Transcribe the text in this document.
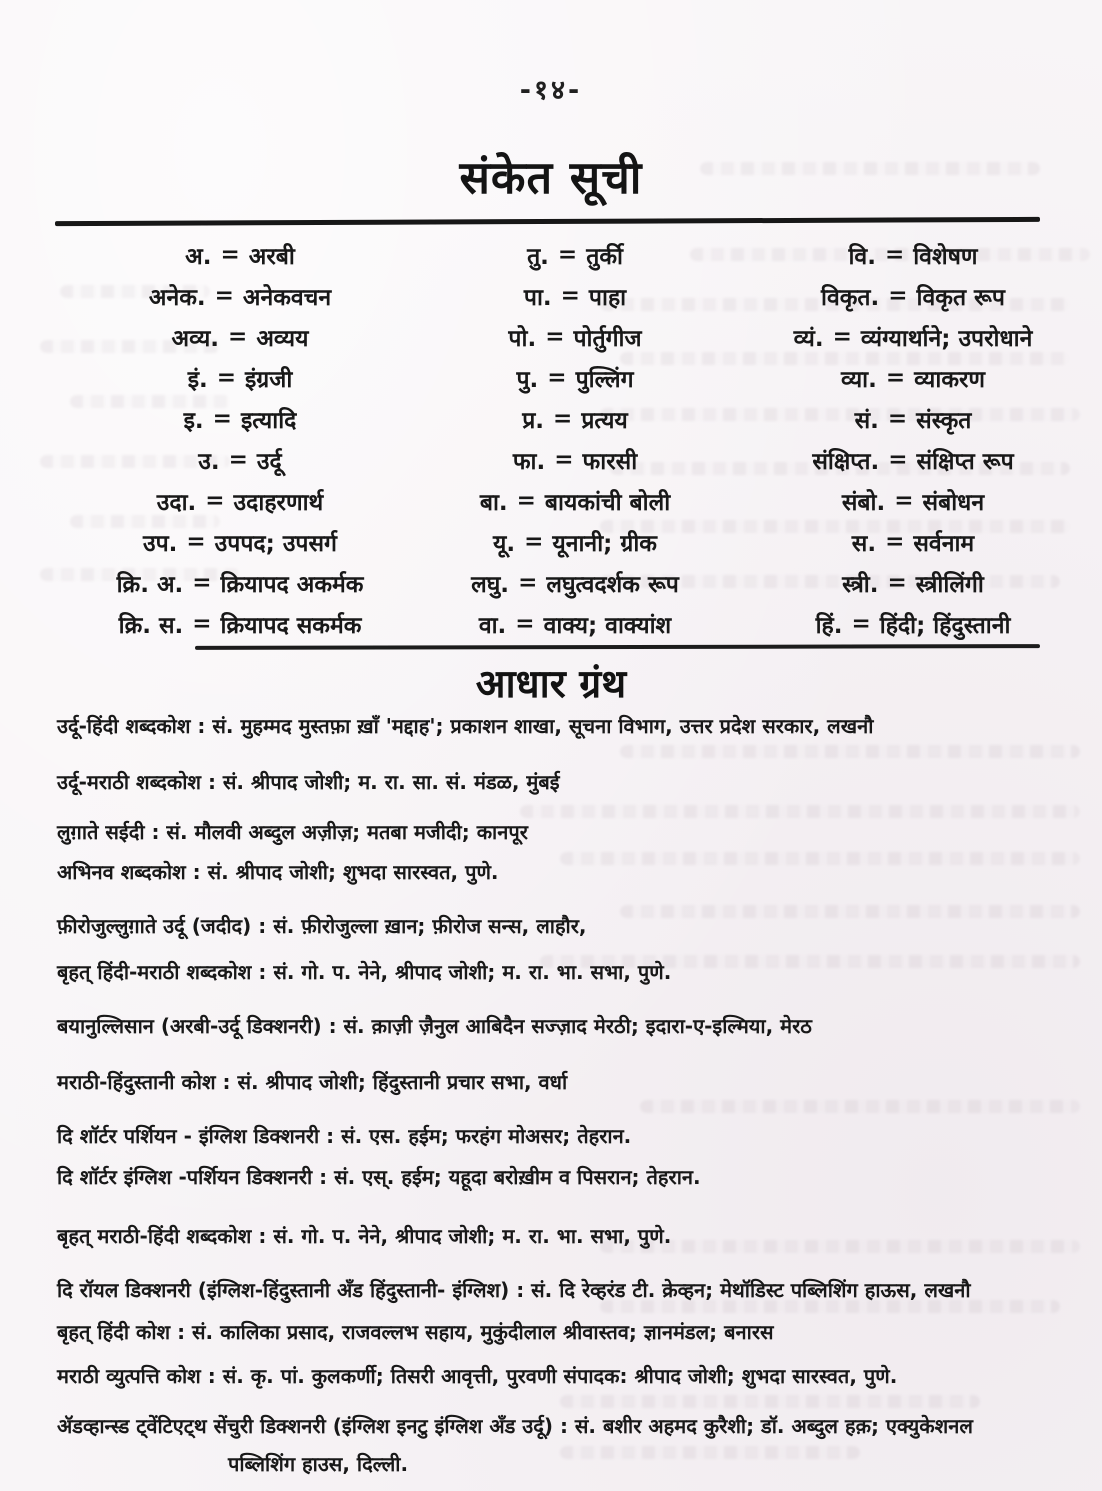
-१४-
संकेत सूची
अ. = अरबी
अनेक. = अनेकवचन
अव्य. = अव्यय
इं. = इंग्रजी
इ. = इत्यादि
उ. = उर्दू
उदा. = उदाहरणार्थ
उप. = उपपद; उपसर्ग
क्रि. अ. = क्रियापद अकर्मक
क्रि. स. = क्रियापद सकर्मक
तु. = तुर्की
पा. = पाहा
पो. = पोर्तुगीज
पु. = पुल्लिंग
प्र. = प्रत्यय
फा. = फारसी
बा. = बायकांची बोली
यू. = यूनानी; ग्रीक
लघु. = लघुत्वदर्शक रूप
वा. = वाक्य; वाक्यांश
वि. = विशेषण
विकृत. = विकृत रूप
व्यं. = व्यंग्यार्थाने; उपरोधाने
व्या. = व्याकरण
सं. = संस्कृत
संक्षिप्त. = संक्षिप्त रूप
संबो. = संबोधन
स. = सर्वनाम
स्त्री. = स्त्रीलिंगी
हिं. = हिंदी; हिंदुस्तानी
आधार ग्रंथ
उर्दू-हिंदी शब्दकोश : सं. मुहम्मद मुस्तफ़ा ख़ाँ 'मद्दाह'; प्रकाशन शाखा, सूचना विभाग, उत्तर प्रदेश सरकार, लखनौ
उर्दू-मराठी शब्दकोश : सं. श्रीपाद जोशी; म. रा. सा. सं. मंडळ, मुंबई
लुग़ाते सईदी : सं. मौलवी अब्दुल अज़ीज़; मतबा मजीदी; कानपूर
अभिनव शब्दकोश : सं. श्रीपाद जोशी; शुभदा सारस्वत, पुणे.
फ़ीरोजुल्लुग़ाते उर्दू (जदीद) : सं. फ़ीरोजुल्ला ख़ान; फ़ीरोज सन्स, लाहौर,
बृहत् हिंदी-मराठी शब्दकोश : सं. गो. प. नेने, श्रीपाद जोशी; म. रा. भा. सभा, पुणे.
बयानुल्लिसान (अरबी-उर्दू डिक्शनरी) : सं. क़ाज़ी ज़ैनुल आबिदैन सज्ज़ाद मेरठी; इदारा-ए-इल्मिया, मेरठ
मराठी-हिंदुस्तानी कोश : सं. श्रीपाद जोशी; हिंदुस्तानी प्रचार सभा, वर्धा
दि शॉर्टर पर्शियन - इंग्लिश डिक्शनरी : सं. एस. हईम; फरहंग मोअसर; तेहरान.
दि शॉर्टर इंग्लिश -पर्शियन डिक्शनरी : सं. एस्. हईम; यहूदा बरोख़ीम व पिसरान; तेहरान.
बृहत् मराठी-हिंदी शब्दकोश : सं. गो. प. नेने, श्रीपाद जोशी; म. रा. भा. सभा, पुणे.
दि रॉयल डिक्शनरी (इंग्लिश-हिंदुस्तानी अँड हिंदुस्तानी- इंग्लिश) : सं. दि रेव्हरंड टी. क्रेव्हन; मेथॉडिस्ट पब्लिशिंग हाऊस, लखनौ
बृहत् हिंदी कोश : सं. कालिका प्रसाद, राजवल्लभ सहाय, मुकुंदीलाल श्रीवास्तव; ज्ञानमंडल; बनारस
मराठी व्युत्पत्ति कोश : सं. कृ. पां. कुलकर्णी; तिसरी आवृत्ती, पुरवणी संपादक: श्रीपाद जोशी; शुभदा सारस्वत, पुणे.
ॲडव्हान्स्ड ट्वेंटिएट्थ सेंचुरी डिक्शनरी (इंग्लिश इनटु इंग्लिश अँड उर्दू) : सं. बशीर अहमद कुरैशी; डॉ. अब्दुल हक़; एक्युकेशनल
पब्लिशिंग हाउस, दिल्ली.
